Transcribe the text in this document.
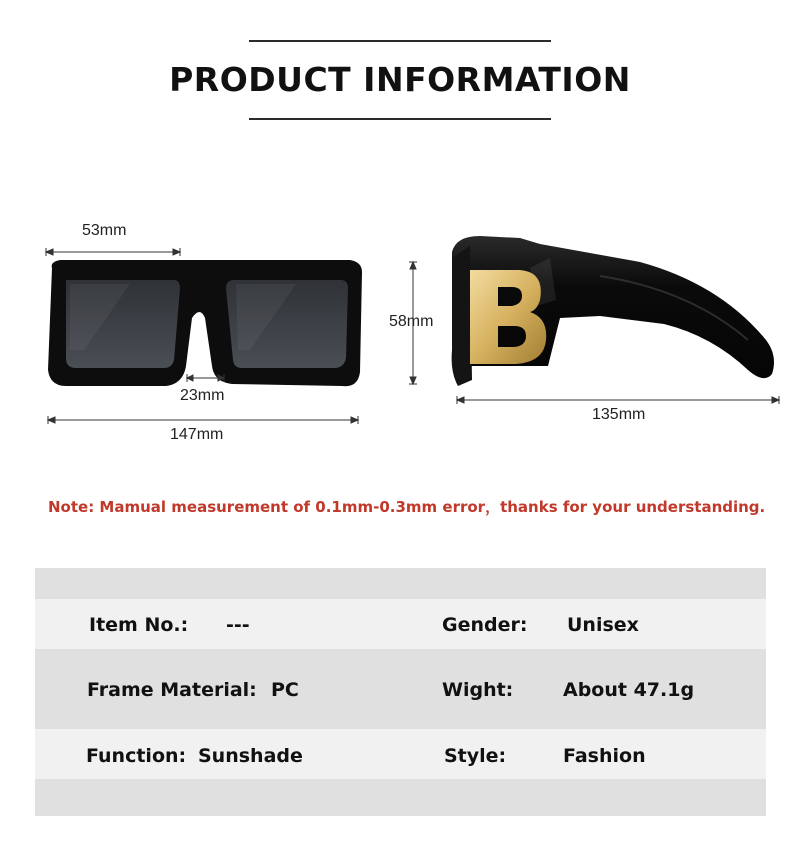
PRODUCT INFORMATION
53mm
23mm
147mm
58mm
135mm
Note: Mamual measurement of 0.1mm-0.3mm error，thanks for your understanding.
Item No.: ---	Gender: Unisex
Frame Material: PC	Wight:	About 47.1g
Function: Sunshade	Style:	Fashion
